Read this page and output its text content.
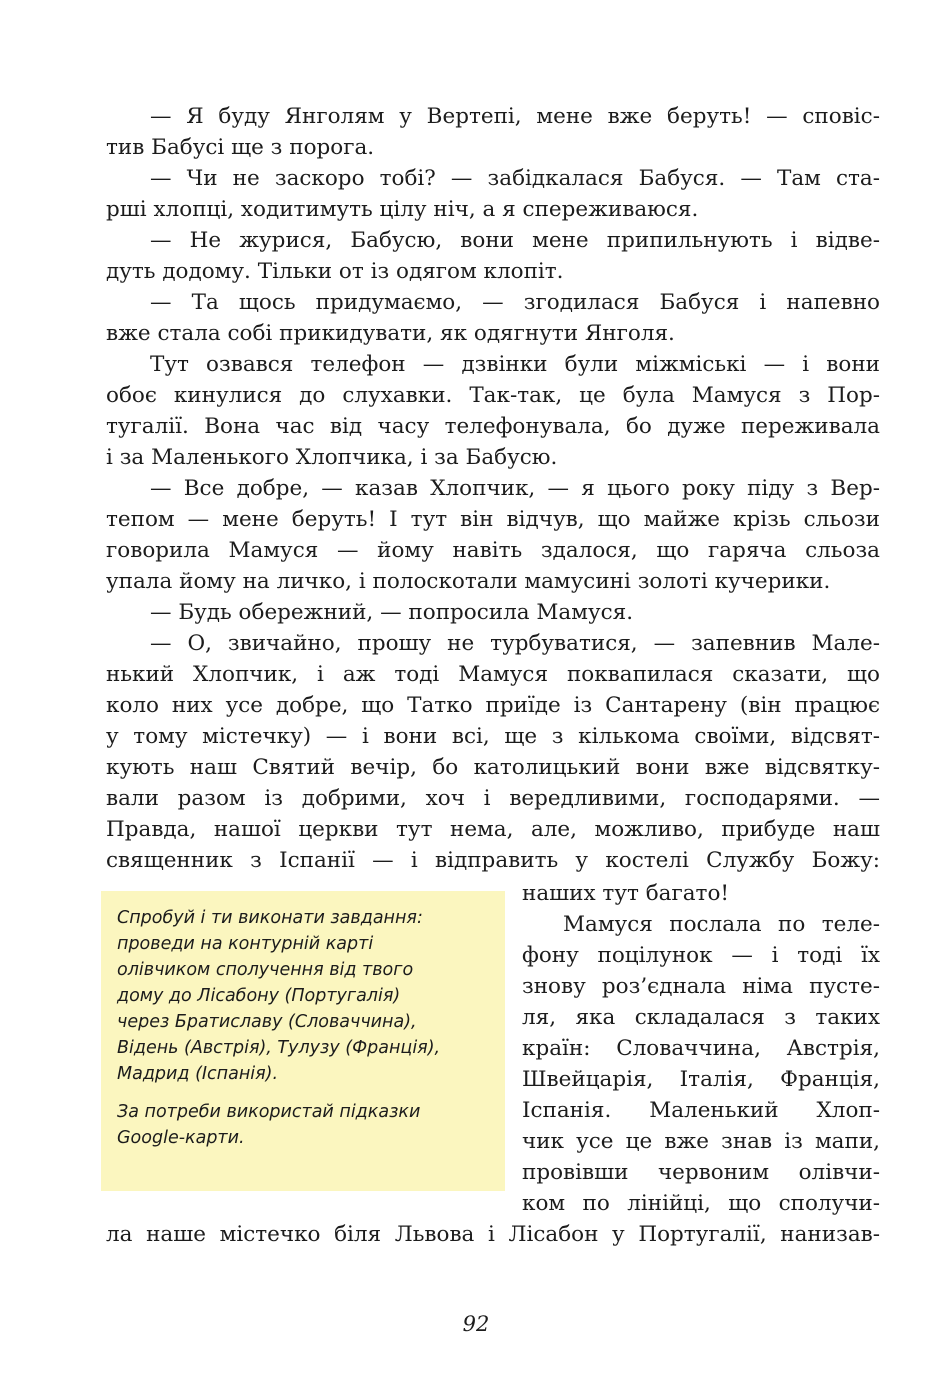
— Я буду Янголям у Вертепі, мене вже беруть! — сповіс-
тив Бабусі ще з порога.
— Чи не заскоро тобі? — забідкалася Бабуся. — Там ста-
рші хлопці, ходитимуть цілу ніч, а я спереживаюся.
— Не журися, Бабусю, вони мене припильнують і відве-
дуть додому. Тільки от із одягом клопіт.
— Та щось придумаємо, — згодилася Бабуся і напевно
вже стала собі прикидувати, як одягнути Янголя.
Тут озвався телефон — дзвінки були міжміські — і вони
обоє кинулися до слухавки. Так-так, це була Мамуся з Пор-
тугалії. Вона час від часу телефонувала, бо дуже переживала
і за Маленького Хлопчика, і за Бабусю.
— Все добре, — казав Хлопчик, — я цього року піду з Вер-
тепом — мене беруть! І тут він відчув, що майже крізь сльози
говорила Мамуся — йому навіть здалося, що гаряча сльоза
упала йому на личко, і полоскотали мамусині золоті кучерики.
— Будь обережний, — попросила Мамуся.
— О, звичайно, прошу не турбуватися, — запевнив Мале-
нький Хлопчик, і аж тоді Мамуся поквапилася сказати, що
коло них усе добре, що Татко приїде із Сантарену (він працює
у тому містечку) — і вони всі, ще з кількома своїми, відсвят-
кують наш Святий вечір, бо католицький вони вже відсвятку-
вали разом із добрими, хоч і вередливими, господарями. —
Правда, нашої церкви тут нема, але, можливо, прибуде наш
священник з Іспанії — і відправить у костелі Службу Божу:
Спробуй і ти виконати завдання:
проведи на контурній карті
олівчиком сполучення від твого
дому до Лісабону (Португалія)
через Братиславу (Словаччина),
Відень (Австрія), Тулузу (Франція),
Мадрид (Іспанія).
За потреби використай підказки
Google-карти.
наших тут багато!
Мамуся послала по теле-
фону поцілунок — і тоді їх
знову роз’єднала німа пусте-
ля, яка складалася з таких
країн: Словаччина, Австрія,
Швейцарія, Італія, Франція,
Іспанія. Маленький Хлоп-
чик усе це вже знав із мапи,
провівши червоним олівчи-
ком по лінійці, що сполучи-
ла наше містечко біля Львова і Лісабон у Португалії, нанизав-
92
